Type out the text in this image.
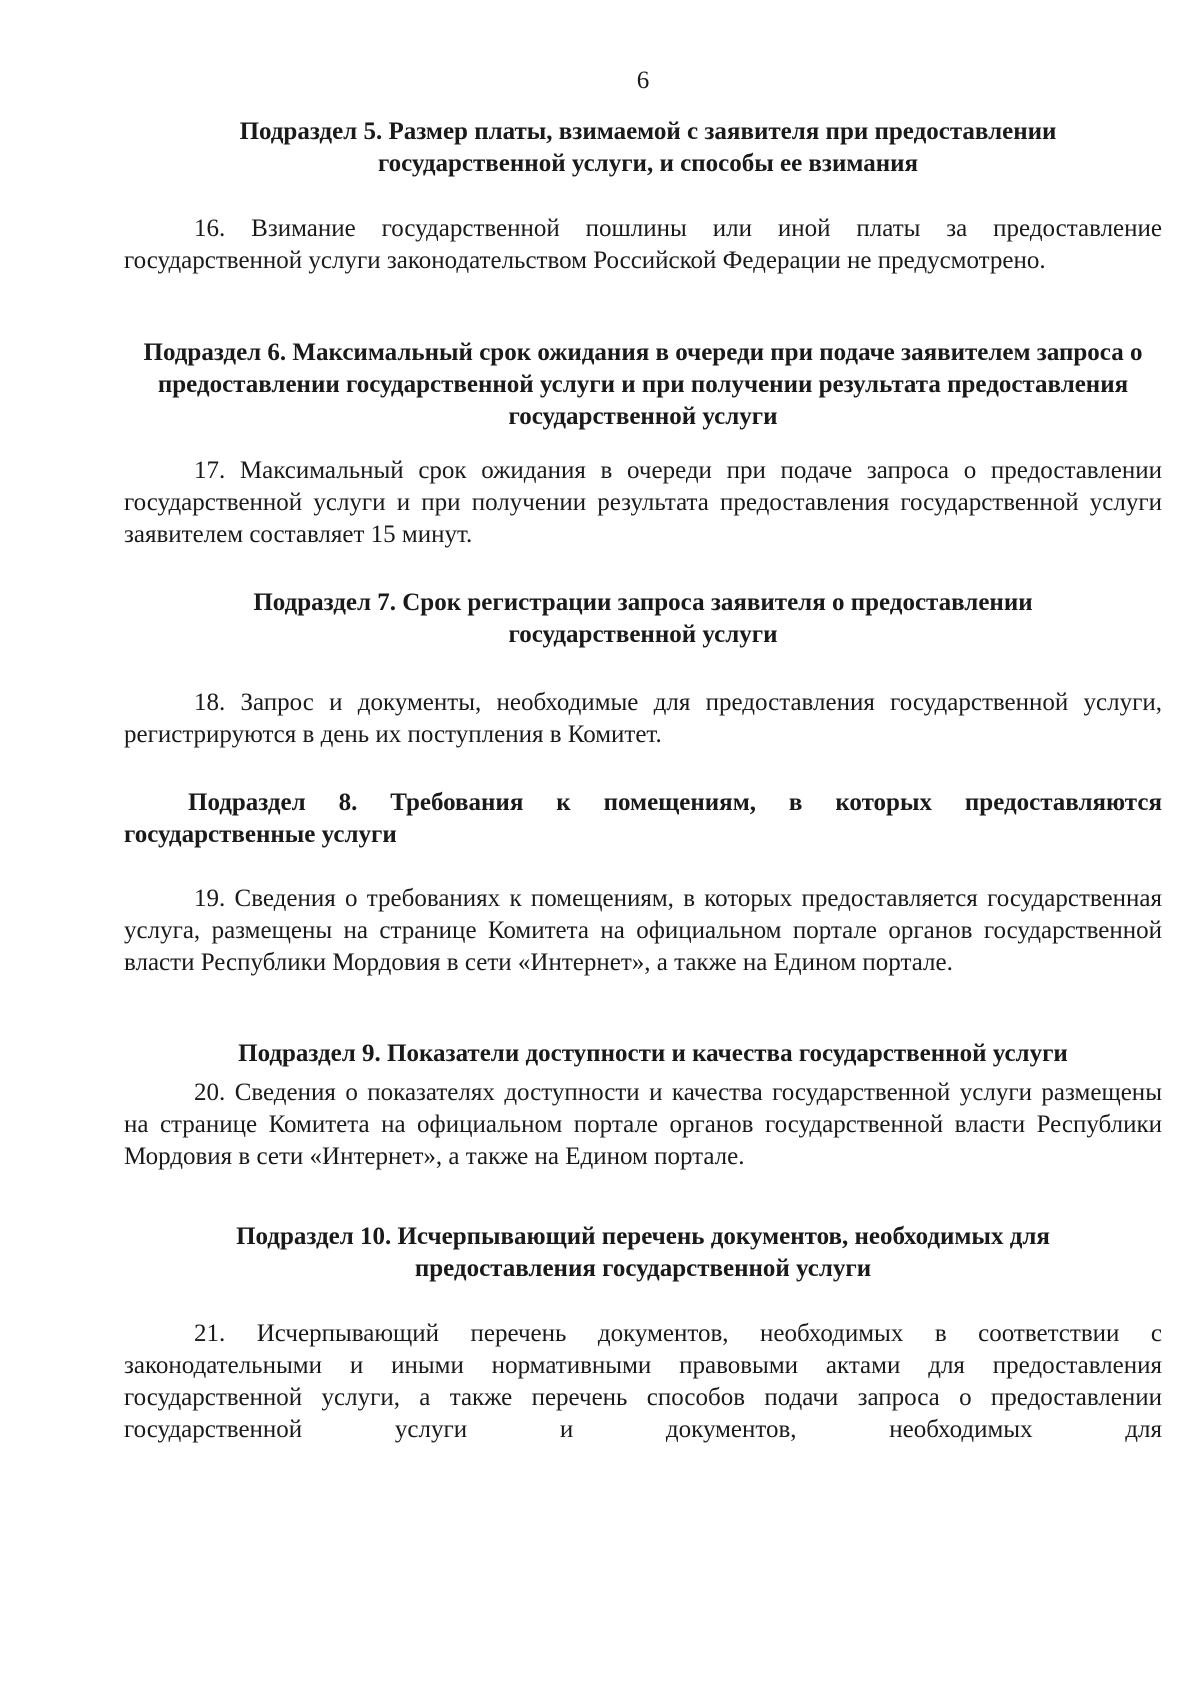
6
Подраздел 5. Размер платы, взимаемой с заявителя при предоставлении государственной услуги, и способы ее взимания
16. Взимание государственной пошлины или иной платы за предоставление государственной услуги законодательством Российской Федерации не предусмотрено.
Подраздел 6. Максимальный срок ожидания в очереди при подаче заявителем запроса о предоставлении государственной услуги и при получении результата предоставления государственной услуги
17. Максимальный срок ожидания в очереди при подаче запроса о предоставлении государственной услуги и при получении результата предоставления государственной услуги заявителем составляет 15 минут.
Подраздел 7. Срок регистрации запроса заявителя о предоставлении государственной услуги
18. Запрос и документы, необходимые для предоставления государственной услуги, регистрируются в день их поступления в Комитет.
Подраздел 8. Требования к помещениям, в которых предоставляются государственные услуги
19. Сведения о требованиях к помещениям, в которых предоставляется государственная услуга, размещены на странице Комитета на официальном портале органов государственной власти Республики Мордовия в сети «Интернет», а также на Едином портале.
Подраздел 9. Показатели доступности и качества государственной услуги
20. Сведения о показателях доступности и качества государственной услуги размещены на странице Комитета на официальном портале органов государственной власти Республики Мордовия в сети «Интернет», а также на Едином портале.
Подраздел 10. Исчерпывающий перечень документов, необходимых для предоставления государственной услуги
21. Исчерпывающий перечень документов, необходимых в соответствии с законодательными и иными нормативными правовыми актами для предоставления государственной услуги, а также перечень способов подачи запроса о предоставлении государственной услуги и документов, необходимых для
